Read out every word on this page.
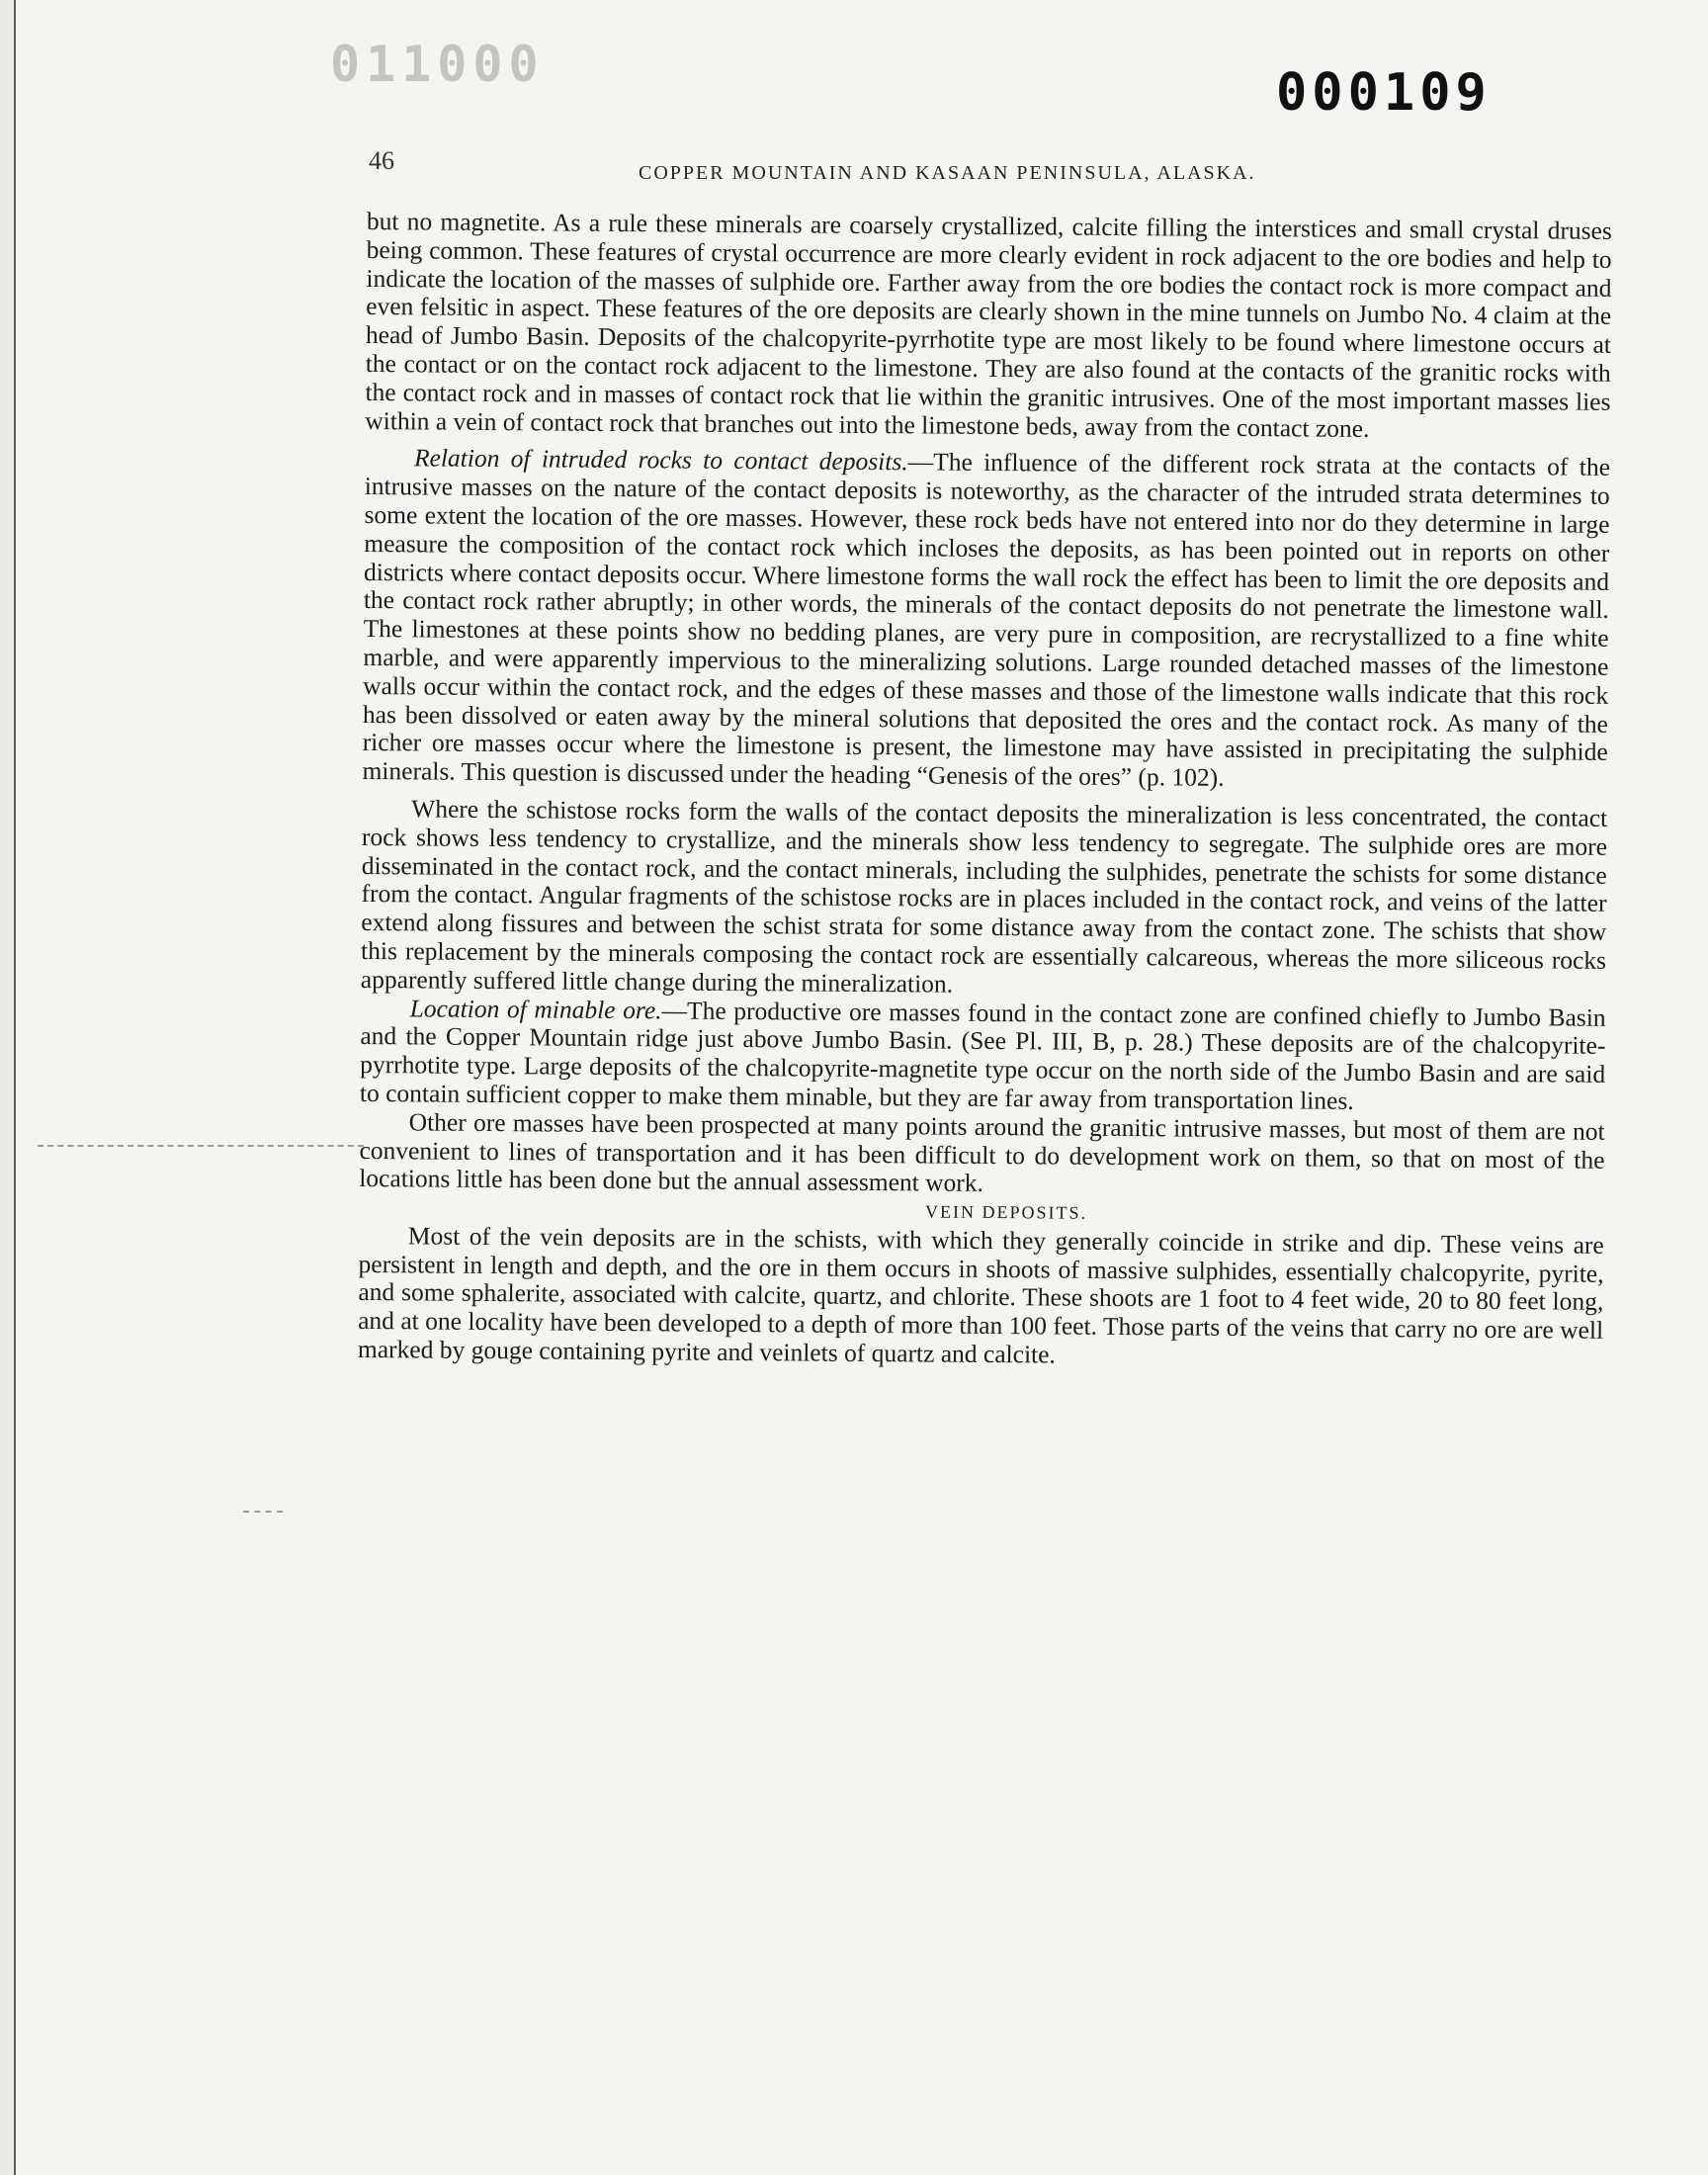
011000	000109
46	COPPER MOUNTAIN AND KASAAN PENINSULA, ALASKA.

but no magnetite. As a rule these minerals are coarsely crystallized, calcite filling the interstices and small crystal druses being common. These features of crystal occurrence are more clearly evident in rock adjacent to the ore bodies and help to indicate the location of the masses of sulphide ore. Farther away from the ore bodies the contact rock is more compact and even felsitic in aspect. These features of the ore deposits are clearly shown in the mine tunnels on Jumbo No. 4 claim at the head of Jumbo Basin. Deposits of the chalcopyrite-pyrrhotite type are most likely to be found where limestone occurs at the contact or on the contact rock adjacent to the limestone. They are also found at the contacts of the granitic rocks with the contact rock and in masses of contact rock that lie within the granitic intrusives. One of the most important masses lies within a vein of contact rock that branches out into the limestone beds, away from the contact zone.

Relation of intruded rocks to contact deposits.—The influence of the different rock strata at the contacts of the intrusive masses on the nature of the contact deposits is noteworthy, as the character of the intruded strata determines to some extent the location of the ore masses. However, these rock beds have not entered into nor do they determine in large measure the composition of the contact rock which incloses the deposits, as has been pointed out in reports on other districts where contact deposits occur. Where limestone forms the wall rock the effect has been to limit the ore deposits and the contact rock rather abruptly; in other words, the minerals of the contact deposits do not penetrate the limestone wall. The limestones at these points show no bedding planes, are very pure in composition, are recrystallized to a fine white marble, and were apparently impervious to the mineralizing solutions. Large rounded detached masses of the limestone walls occur within the contact rock, and the edges of these masses and those of the limestone walls indicate that this rock has been dissolved or eaten away by the mineral solutions that deposited the ores and the contact rock. As many of the richer ore masses occur where the limestone is present, the limestone may have assisted in precipitating the sulphide minerals. This question is discussed under the heading “Genesis of the ores” (p. 102).

Where the schistose rocks form the walls of the contact deposits the mineralization is less concentrated, the contact rock shows less tendency to crystallize, and the minerals show less tendency to segregate. The sulphide ores are more disseminated in the contact rock, and the contact minerals, including the sulphides, penetrate the schists for some distance from the contact. Angular fragments of the schistose rocks are in places included in the contact rock, and veins of the latter extend along fissures and between the schist strata for some distance away from the contact zone. The schists that show this replacement by the minerals composing the contact rock are essentially calcareous, whereas the more siliceous rocks apparently suffered little change during the mineralization.

Location of minable ore.—The productive ore masses found in the contact zone are confined chiefly to Jumbo Basin and the Copper Mountain ridge just above Jumbo Basin. (See Pl. III, B, p. 28.) These deposits are of the chalcopyrite-pyrrhotite type. Large deposits of the chalcopyrite-magnetite type occur on the north side of the Jumbo Basin and are said to contain sufficient copper to make them minable, but they are far away from transportation lines.

Other ore masses have been prospected at many points around the granitic intrusive masses, but most of them are not convenient to lines of transportation and it has been difficult to do development work on them, so that on most of the locations little has been done but the annual assessment work.

VEIN DEPOSITS.

Most of the vein deposits are in the schists, with which they generally coincide in strike and dip. These veins are persistent in length and depth, and the ore in them occurs in shoots of massive sulphides, essentially chalcopyrite, pyrite, and some sphalerite, associated with calcite, quartz, and chlorite. These shoots are 1 foot to 4 feet wide, 20 to 80 feet long, and at one locality have been developed to a depth of more than 100 feet. Those parts of the veins that carry no ore are well marked by gouge containing pyrite and veinlets of quartz and calcite.
